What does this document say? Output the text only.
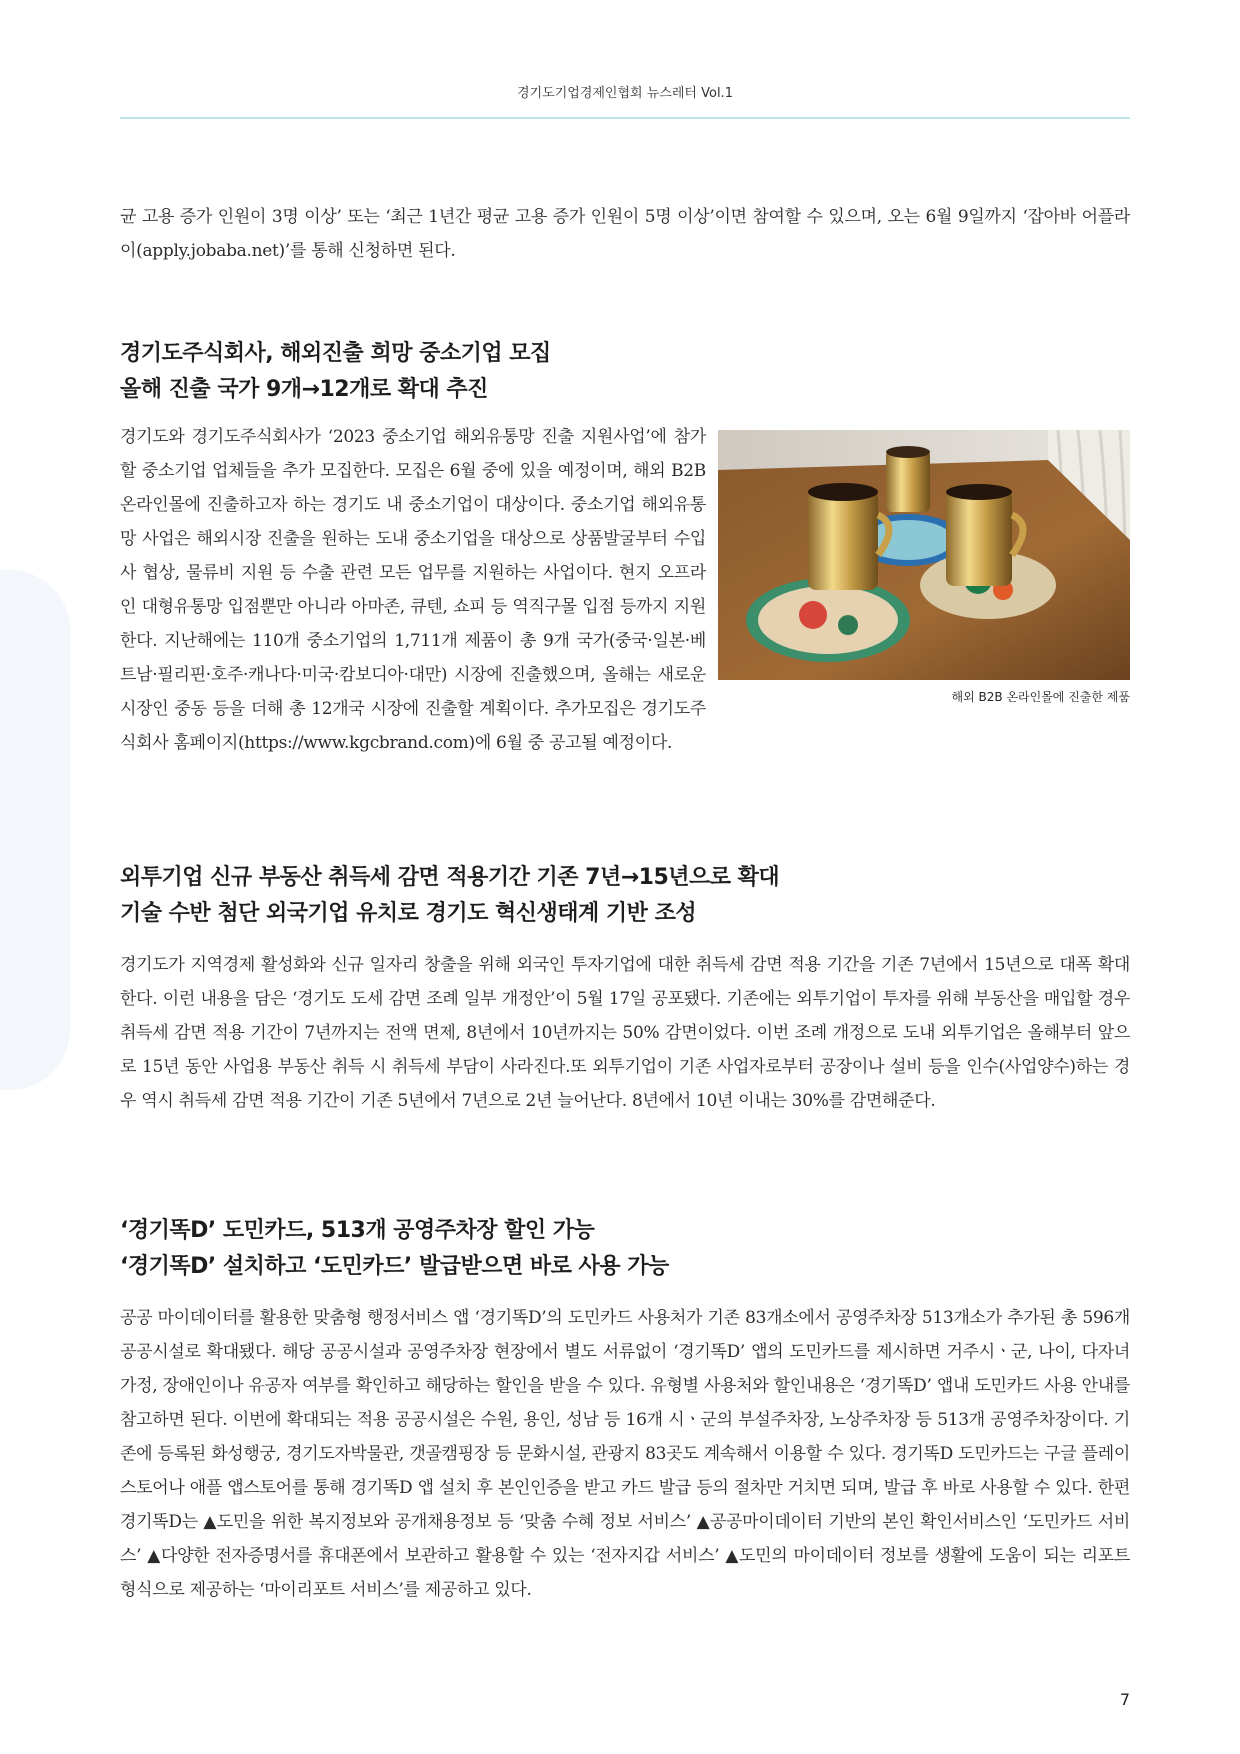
경기도기업경제인협회 뉴스레터 Vol.1

균 고용 증가 인원이 3명 이상’ 또는 ‘최근 1년간 평균 고용 증가 인원이 5명 이상’이면 참여할 수 있으며, 오는 6월 9일까지 ‘잡아바 어플라이(apply.jobaba.net)’를 통해 신청하면 된다.

경기도주식회사, 해외진출 희망 중소기업 모집
올해 진출 국가 9개→12개로 확대 추진
경기도와 경기도주식회사가 ‘2023 중소기업 해외유통망 진출 지원사업’에 참가할 중소기업 업체들을 추가 모집한다. 모집은 6월 중에 있을 예정이며, 해외 B2B 온라인몰에 진출하고자 하는 경기도 내 중소기업이 대상이다. 중소기업 해외유통망 사업은 해외시장 진출을 원하는 도내 중소기업을 대상으로 상품발굴부터 수입사 협상, 물류비 지원 등 수출 관련 모든 업무를 지원하는 사업이다. 현지 오프라인 대형유통망 입점뿐만 아니라 아마존, 큐텐, 쇼피 등 역직구몰 입점 등까지 지원한다. 지난해에는 110개 중소기업의 1,711개 제품이 총 9개 국가(중국·일본·베트남·필리핀·호주·캐나다·미국·캄보디아·대만) 시장에 진출했으며, 올해는 새로운 시장인 중동 등을 더해 총 12개국 시장에 진출할 계획이다. 추가모집은 경기도주식회사 홈페이지(https://www.kgcbrand.com)에 6월 중 공고될 예정이다.
해외 B2B 온라인몰에 진출한 제품
외투기업 신규 부동산 취득세 감면 적용기간 기존 7년→15년으로 확대
기술 수반 첨단 외국기업 유치로 경기도 혁신생태계 기반 조성

경기도가 지역경제 활성화와 신규 일자리 창출을 위해 외국인 투자기업에 대한 취득세 감면 적용 기간을 기존 7년에서 15년으로 대폭 확대한다. 이런 내용을 담은 ‘경기도 도세 감면 조례 일부 개정안’이 5월 17일 공포됐다. 기존에는 외투기업이 투자를 위해 부동산을 매입할 경우 취득세 감면 적용 기간이 7년까지는 전액 면제, 8년에서 10년까지는 50% 감면이었다. 이번 조례 개정으로 도내 외투기업은 올해부터 앞으로 15년 동안 사업용 부동산 취득 시 취득세 부담이 사라진다.또 외투기업이 기존 사업자로부터 공장이나 설비 등을 인수(사업양수)하는 경우 역시 취득세 감면 적용 기간이 기존 5년에서 7년으로 2년 늘어난다. 8년에서 10년 이내는 30%를 감면해준다.

‘경기똑D’ 도민카드, 513개 공영주차장 할인 가능
‘경기똑D’ 설치하고 ‘도민카드’ 발급받으면 바로 사용 가능

공공 마이데이터를 활용한 맞춤형 행정서비스 앱 ‘경기똑D’의 도민카드 사용처가 기존 83개소에서 공영주차장 513개소가 추가된 총 596개 공공시설로 확대됐다. 해당 공공시설과 공영주차장 현장에서 별도 서류없이 ‘경기똑D’ 앱의 도민카드를 제시하면 거주시ㆍ군, 나이, 다자녀가정, 장애인이나 유공자 여부를 확인하고 해당하는 할인을 받을 수 있다. 유형별 사용처와 할인내용은 ‘경기똑D’ 앱내 도민카드 사용 안내를 참고하면 된다. 이번에 확대되는 적용 공공시설은 수원, 용인, 성남 등 16개 시ㆍ군의 부설주차장, 노상주차장 등 513개 공영주차장이다. 기존에 등록된 화성행궁, 경기도자박물관, 갯골캠핑장 등 문화시설, 관광지 83곳도 계속해서 이용할 수 있다. 경기똑D 도민카드는 구글 플레이스토어나 애플 앱스토어를 통해 경기똑D 앱 설치 후 본인인증을 받고 카드 발급 등의 절차만 거치면 되며, 발급 후 바로 사용할 수 있다. 한편 경기똑D는 ▲도민을 위한 복지정보와 공개채용정보 등 ‘맞춤 수혜 정보 서비스’ ▲공공마이데이터 기반의 본인 확인서비스인 ‘도민카드 서비스’ ▲다양한 전자증명서를 휴대폰에서 보관하고 활용할 수 있는 ‘전자지갑 서비스’ ▲도민의 마이데이터 정보를 생활에 도움이 되는 리포트 형식으로 제공하는 ‘마이리포트 서비스’를 제공하고 있다.

7
